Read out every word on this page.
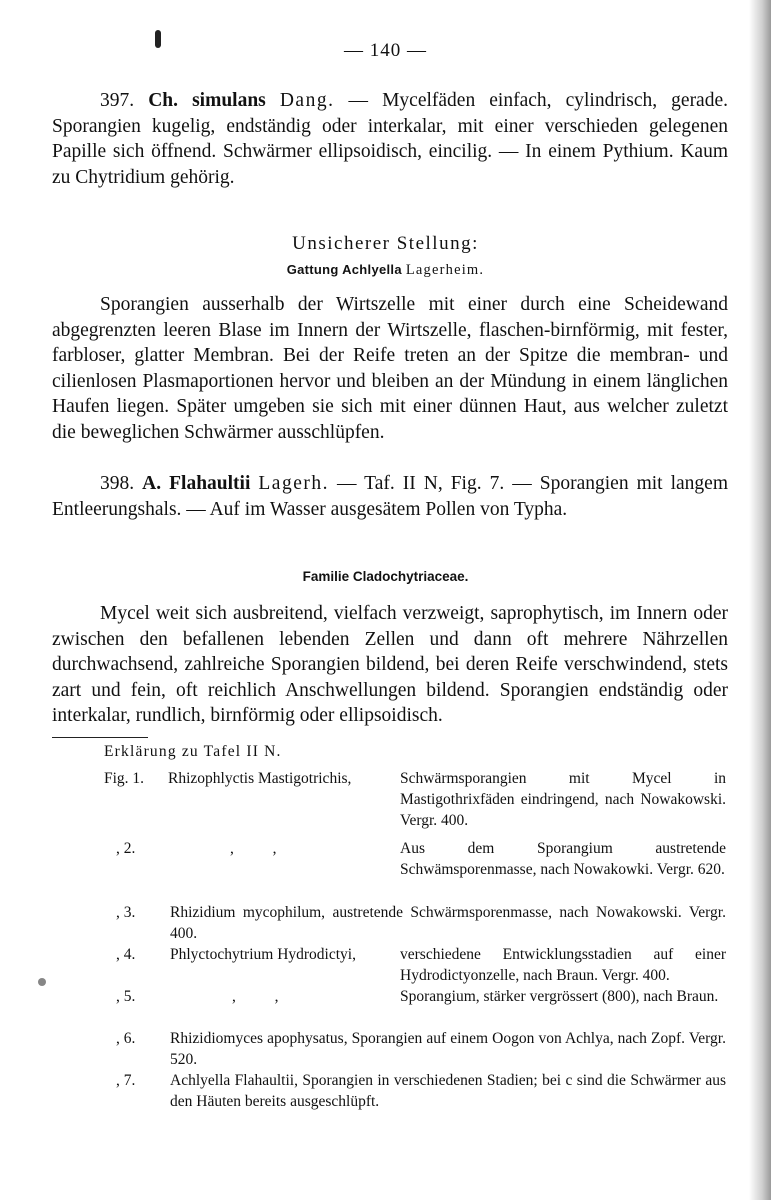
— 140 —

397. Ch. simulans Dang. — Mycelfäden einfach, cylindrisch, gerade. Sporangien kugelig, endständig oder interkalar, mit einer verschieden gelegenen Papille sich öffnend. Schwärmer ellipsoidisch, eincilig. — In einem Pythium. Kaum zu Chytridium gehörig.

Unsicherer Stellung:
Gattung Achlyella Lagerheim.

Sporangien ausserhalb der Wirtszelle mit einer durch eine Scheidewand abgegrenzten leeren Blase im Innern der Wirtszelle, flaschen-birnförmig, mit fester, farbloser, glatter Membran. Bei der Reife treten an der Spitze die membran- und cilienlosen Plasmaportionen hervor und bleiben an der Mündung in einem länglichen Haufen liegen. Später umgeben sie sich mit einer dünnen Haut, aus welcher zuletzt die beweglichen Schwärmer ausschlüpfen.

398. A. Flahaultii Lagerh. — Taf. II N, Fig. 7. — Sporangien mit langem Entleerungshals. — Auf im Wasser ausgesätem Pollen von Typha.

Familie Cladochytriaceae.

Mycel weit sich ausbreitend, vielfach verzweigt, saprophytisch, im Innern oder zwischen den befallenen lebenden Zellen und dann oft mehrere Nährzellen durchwachsend, zahlreiche Sporangien bildend, bei deren Reife verschwindend, stets zart und fein, oft reichlich Anschwellungen bildend. Sporangien endständig oder interkalar, rundlich, birnförmig oder ellipsoidisch.

Erklärung zu Tafel II N.
Fig. 1.	Rhizophlyctis Mastigotrichis,	Schwärmsporangien mit Mycel in Mastigothrixfäden eindringend, nach Nowakowski. Vergr. 400.
, 2.	,          ,	Aus dem Sporangium austretende Schwämsporenmasse, nach Nowakowki. Vergr. 620.
, 3.	Rhizidium mycophilum, austretende Schwärmsporenmasse, nach Nowakowski. Vergr. 400.
, 4.	Phlyctochytrium Hydrodictyi,	verschiedene Entwicklungsstadien auf einer Hydrodictyonzelle, nach Braun. Vergr. 400.
, 5.	,          ,	Sporangium, stärker vergrössert (800), nach Braun.
, 6.	Rhizidiomyces apophysatus, Sporangien auf einem Oogon von Achlya, nach Zopf. Vergr. 520.
, 7.	Achlyella Flahaultii, Sporangien in verschiedenen Stadien; bei c sind die Schwärmer aus den Häuten bereits ausgeschlüpft.
